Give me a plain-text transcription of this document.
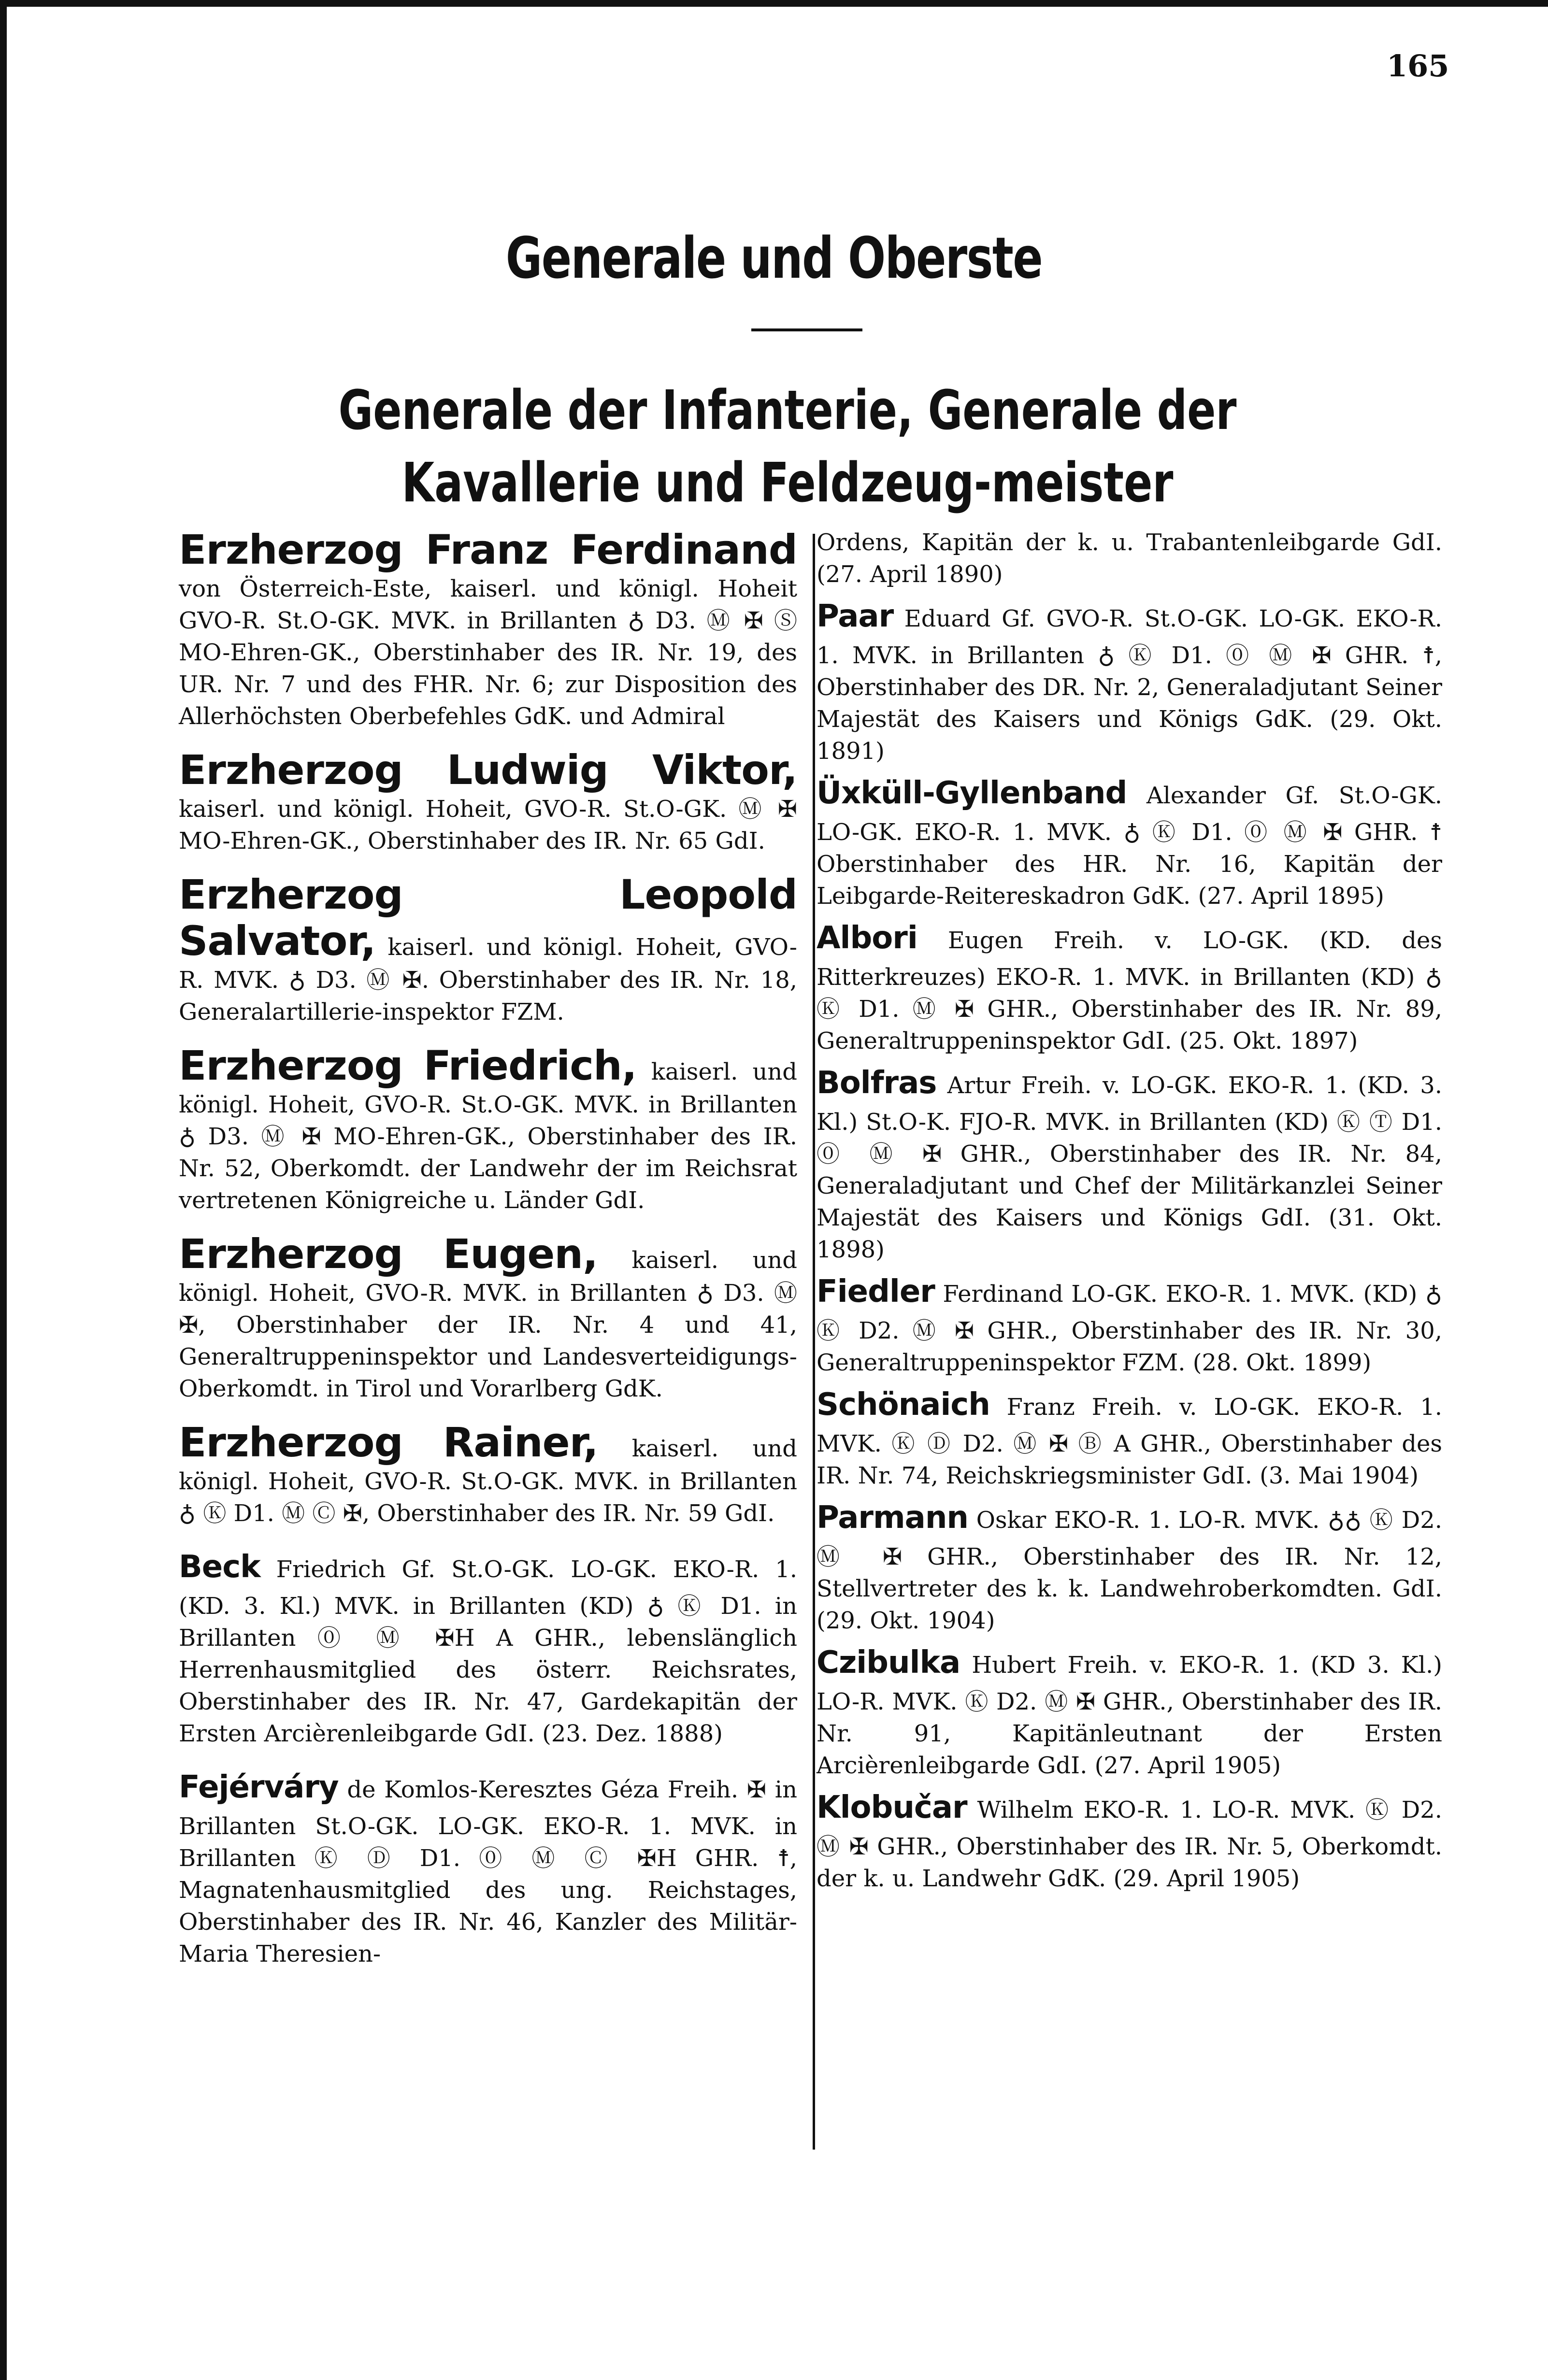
165
Generale und Oberste
Generale der Infanterie, Generale der Kavallerie und Feldzeug-meister
Erzherzog Franz Ferdinand von Österreich-Este, kaiserl. und königl. Hoheit GVO-R. St.O-GK. MVK. in Brillanten ♁ D3. Ⓜ ✠ Ⓢ MO-Ehren-GK., Oberstinhaber des IR. Nr. 19, des UR. Nr. 7 und des FHR. Nr. 6; zur Disposition des Allerhöchsten Oberbefehles GdK. und Admiral
Erzherzog Ludwig Viktor, kaiserl. und königl. Hoheit, GVO-R. St.O-GK. Ⓜ ✠ MO-Ehren-GK., Oberstinhaber des IR. Nr. 65 GdI.
Erzherzog Leopold Salvator, kaiserl. und königl. Hoheit, GVO-R. MVK. ♁ D3. Ⓜ ✠. Oberstinhaber des IR. Nr. 18, Generalartillerie-inspektor FZM.
Erzherzog Friedrich, kaiserl. und königl. Hoheit, GVO-R. St.O-GK. MVK. in Brillanten ♁ D3. Ⓜ ✠ MO-Ehren-GK., Oberstinhaber des IR. Nr. 52, Oberkomdt. der Landwehr der im Reichsrat vertretenen Königreiche u. Länder GdI.
Erzherzog Eugen, kaiserl. und königl. Hoheit, GVO-R. MVK. in Brillanten ♁ D3. Ⓜ ✠, Oberstinhaber der IR. Nr. 4 und 41, Generaltruppeninspektor und Landesverteidigungs-Oberkomdt. in Tirol und Vorarlberg GdK.
Erzherzog Rainer, kaiserl. und königl. Hoheit, GVO-R. St.O-GK. MVK. in Brillanten ♁ Ⓚ D1. Ⓜ Ⓒ ✠, Oberstinhaber des IR. Nr. 59 GdI.
Beck Friedrich Gf. St.O-GK. LO-GK. EKO-R. 1. (KD. 3. Kl.) MVK. in Brillanten (KD) ♁ Ⓚ D1. in Brillanten ⓪ Ⓜ ✠H A GHR., lebenslänglich Herrenhausmitglied des österr. Reichsrates, Oberstinhaber des IR. Nr. 47, Gardekapitän der Ersten Arcièrenleibgarde GdI. (23. Dez. 1888)
Fejérváry de Komlos-Keresztes Géza Freih. ✠ in Brillanten St.O-GK. LO-GK. EKO-R. 1. MVK. in Brillanten Ⓚ Ⓓ D1. ⓪ Ⓜ Ⓒ ✠H GHR. ☨, Magnatenhausmitglied des ung. Reichstages, Oberstinhaber des IR. Nr. 46, Kanzler des Militär-Maria Theresien-
Ordens, Kapitän der k. u. Trabantenleibgarde GdI. (27. April 1890)
Paar Eduard Gf. GVO-R. St.O-GK. LO-GK. EKO-R. 1. MVK. in Brillanten ♁ Ⓚ D1. ⓪ Ⓜ ✠ GHR. ☨, Oberstinhaber des DR. Nr. 2, Generaladjutant Seiner Majestät des Kaisers und Königs GdK. (29. Okt. 1891)
Üxküll-Gyllenband Alexander Gf. St.O-GK. LO-GK. EKO-R. 1. MVK. ♁ Ⓚ D1. ⓪ Ⓜ ✠ GHR. ☨ Oberstinhaber des HR. Nr. 16, Kapitän der Leibgarde-Reitereskadron GdK. (27. April 1895)
Albori Eugen Freih. v. LO-GK. (KD. des Ritterkreuzes) EKO-R. 1. MVK. in Brillanten (KD) ♁ Ⓚ D1. Ⓜ ✠ GHR., Oberstinhaber des IR. Nr. 89, Generaltruppeninspektor GdI. (25. Okt. 1897)
Bolfras Artur Freih. v. LO-GK. EKO-R. 1. (KD. 3. Kl.) St.O-K. FJO-R. MVK. in Brillanten (KD) Ⓚ Ⓣ D1. ⓪ Ⓜ ✠ GHR., Oberstinhaber des IR. Nr. 84, Generaladjutant und Chef der Militärkanzlei Seiner Majestät des Kaisers und Königs GdI. (31. Okt. 1898)
Fiedler Ferdinand LO-GK. EKO-R. 1. MVK. (KD) ♁ Ⓚ D2. Ⓜ ✠ GHR., Oberstinhaber des IR. Nr. 30, Generaltruppeninspektor FZM. (28. Okt. 1899)
Schönaich Franz Freih. v. LO-GK. EKO-R. 1. MVK. Ⓚ Ⓓ D2. Ⓜ ✠ Ⓑ A GHR., Oberstinhaber des IR. Nr. 74, Reichskriegsminister GdI. (3. Mai 1904)
Parmann Oskar EKO-R. 1. LO-R. MVK. ♁♁ Ⓚ D2. Ⓜ ✠ GHR., Oberstinhaber des IR. Nr. 12, Stellvertreter des k. k. Landwehroberkomdten. GdI. (29. Okt. 1904)
Czibulka Hubert Freih. v. EKO-R. 1. (KD 3. Kl.) LO-R. MVK. Ⓚ D2. Ⓜ ✠ GHR., Oberstinhaber des IR. Nr. 91, Kapitänleutnant der Ersten Arcièrenleibgarde GdI. (27. April 1905)
Klobučar Wilhelm EKO-R. 1. LO-R. MVK. Ⓚ D2. Ⓜ ✠ GHR., Oberstinhaber des IR. Nr. 5, Oberkomdt. der k. u. Landwehr GdK. (29. April 1905)
